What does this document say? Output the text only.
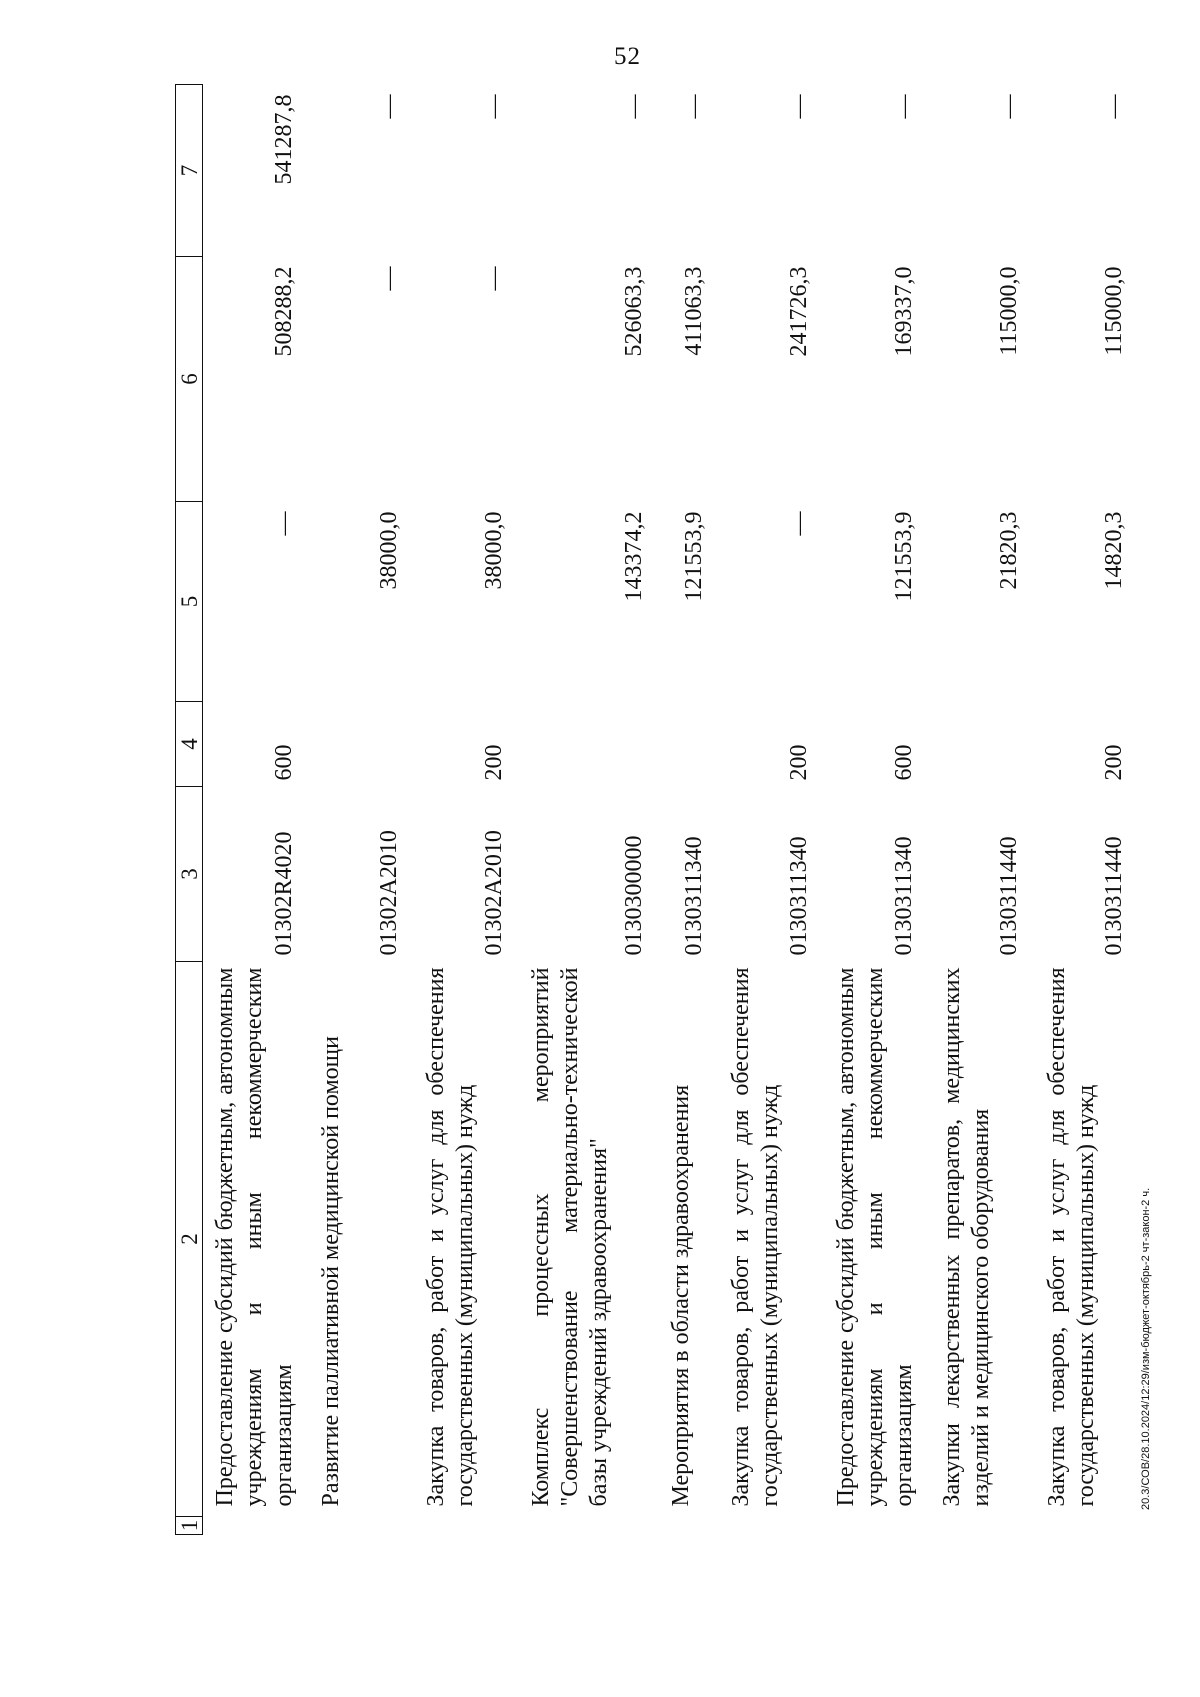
52
20.3/СОВ/28.10.2024/12:29/изм-бюджет-октябрь-2 чт-закон-2 ч.
1	2	3	4	5	6	7
	Предоставление субсидий бюджетным, автономным учреждениям и иным некоммерческим организациям	01302R4020	600	—	508288,2	541287,8
	Развитие паллиативной медицинской помощи	01302A2010		38000,0	—	—
	Закупка товаров, работ и услуг для обеспечения государственных (муниципальных) нужд	01302A2010	200	38000,0	—	—
	Комплекс процессных мероприятий "Совершенствование материально-технической базы учреждений здравоохранения"	0130300000		143374,2	526063,3	—
	Мероприятия в области здравоохранения	0130311340		121553,9	411063,3	—
	Закупка товаров, работ и услуг для обеспечения государственных (муниципальных) нужд	0130311340	200	—	241726,3	—
	Предоставление субсидий бюджетным, автономным учреждениям и иным некоммерческим организациям	0130311340	600	121553,9	169337,0	—
	Закупки лекарственных препаратов, медицинских изделий и медицинского оборудования	0130311440		21820,3	115000,0	—
	Закупка товаров, работ и услуг для обеспечения государственных (муниципальных) нужд	0130311440	200	14820,3	115000,0	—
